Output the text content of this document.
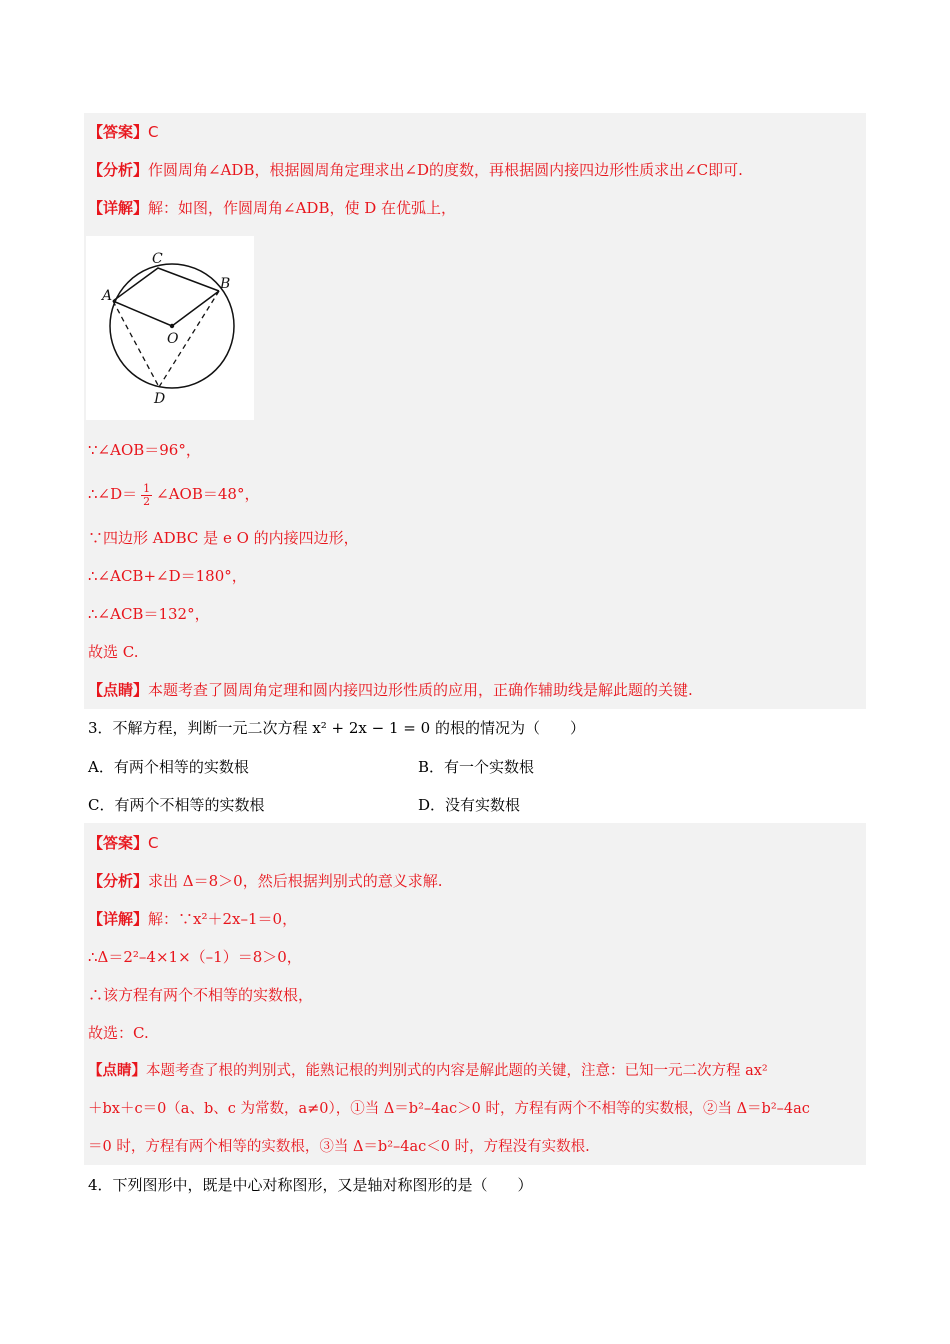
【答案】C
【分析】作圆周角∠ADB，根据圆周角定理求出∠D的度数，再根据圆内接四边形性质求出∠C即可.
【详解】解：如图，作圆周角∠ADB，使 D 在优弧上，
C
B
A
O
D
∵∠AOB＝96°，
∴∠D＝ $\frac{1}{2}$ ∠AOB＝48°，
∵四边形 ADBC 是 e O 的内接四边形，
∴∠ACB+∠D＝180°，
∴∠ACB＝132°，
故选 C.
【点睛】本题考查了圆周角定理和圆内接四边形性质的应用，正确作辅助线是解此题的关键.
3．不解方程，判断一元二次方程 x² + 2x − 1 = 0 的根的情况为（　　）
A．有两个相等的实数根	B．有一个实数根
C．有两个不相等的实数根	D．没有实数根
【答案】C
【分析】求出 Δ＝8＞0，然后根据判别式的意义求解.
【详解】解：∵x²＋2x–1＝0，
∴Δ＝2²–4×1×（–1）＝8＞0，
∴该方程有两个不相等的实数根，
故选：C.
【点睛】本题考查了根的判别式，能熟记根的判别式的内容是解此题的关键，注意：已知一元二次方程 ax²
＋bx＋c＝0（a、b、c 为常数，a≠0），①当 Δ＝b²–4ac＞0 时，方程有两个不相等的实数根，②当 Δ＝b²–4ac
＝0 时，方程有两个相等的实数根，③当 Δ＝b²–4ac＜0 时，方程没有实数根.
4．下列图形中，既是中心对称图形，又是轴对称图形的是（　　）
